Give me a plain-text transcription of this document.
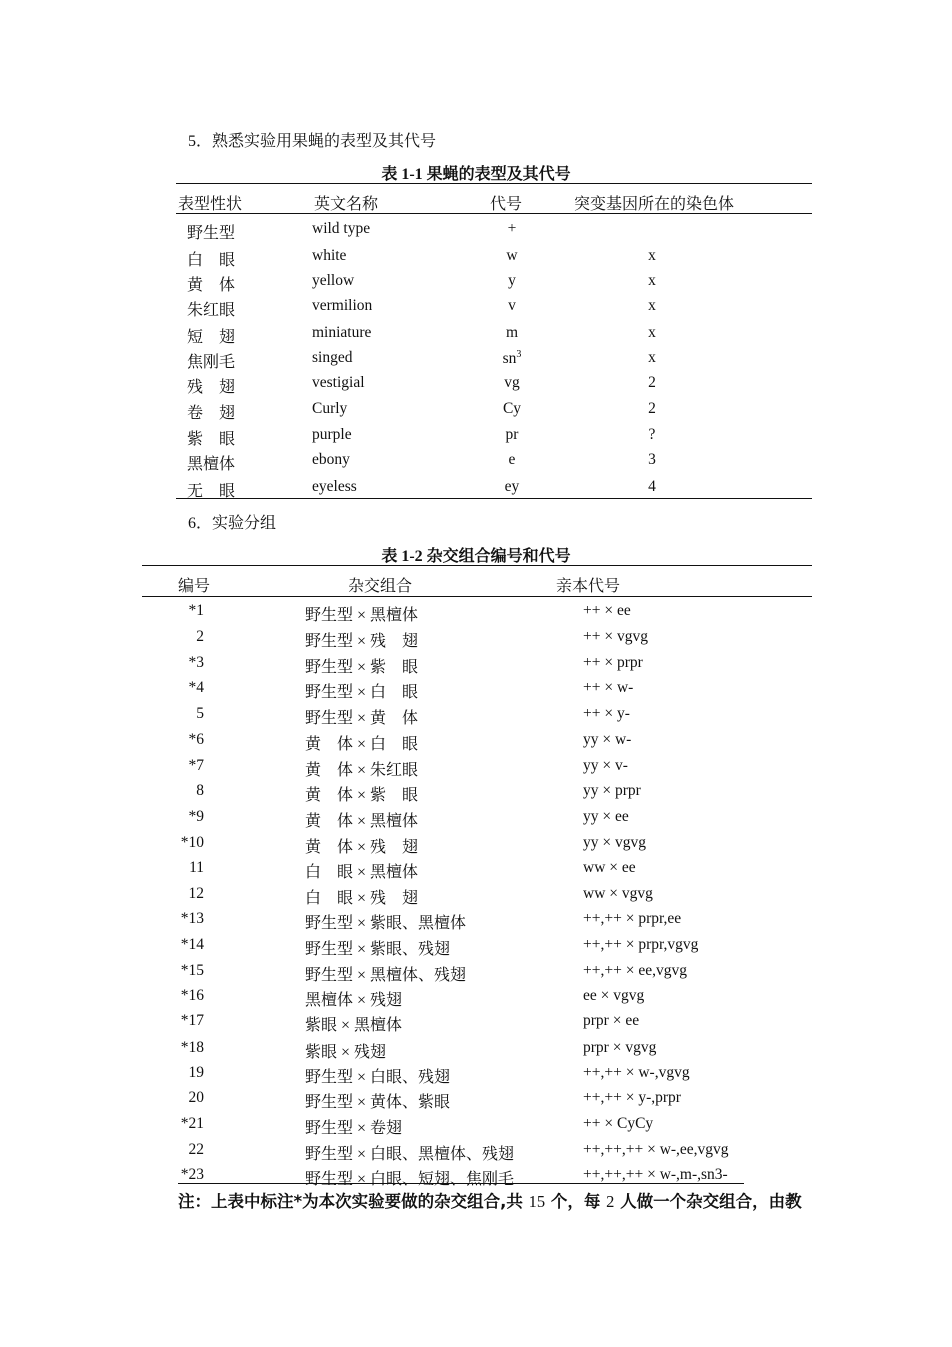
5．熟悉实验用果蝇的表型及其代号
表 1-1 果蝇的表型及其代号
表型性状	英文名称	代号	突变基因所在的染色体
野生型	wild type	+
白　眼	white	w	x
黄　体	yellow	y	x
朱红眼	vermilion	v	x
短　翅	miniature	m	x
焦刚毛	singed	$sn^3$	x
残　翅	vestigial	vg	2
卷　翅	Curly	Cy	2
紫　眼	purple	pr	?
黑檀体	ebony	e	3
无　眼	eyeless	ey	4
6．实验分组
表 1-2 杂交组合编号和代号
编号	杂交组合	亲本代号
*1	野生型 × 黑檀体	++ × ee
2	野生型 × 残　翅	++ × vgvg
*3	野生型 × 紫　眼	++ × prpr
*4	野生型 × 白　眼	++ × w-
5	野生型 × 黄　体	++ × y-
*6	黄　体 × 白　眼	yy × w-
*7	黄　体 × 朱红眼	yy × v-
8	黄　体 × 紫　眼	yy × prpr
*9	黄　体 × 黑檀体	yy × ee
*10	黄　体 × 残　翅	yy × vgvg
11	白　眼 × 黑檀体	ww × ee
12	白　眼 × 残　翅	ww × vgvg
*13	野生型 × 紫眼、黑檀体	++,++ × prpr,ee
*14	野生型 × 紫眼、残翅	++,++ × prpr,vgvg
*15	野生型 × 黑檀体、残翅	++,++ × ee,vgvg
*16	黑檀体 × 残翅	ee × vgvg
*17	紫眼 × 黑檀体	prpr × ee
*18	紫眼 × 残翅	prpr × vgvg
19	野生型 × 白眼、残翅	++,++ × w-,vgvg
20	野生型 × 黄体、紫眼	++,++ × y-,prpr
*21	野生型 × 卷翅	++ × CyCy
22	野生型 × 白眼、黑檀体、残翅	++,++,++ × w-,ee,vgvg
*23	野生型 × 白眼、短翅、焦刚毛	++,++,++ × w-,m-,sn3-
注：上表中标注*为本次实验要做的杂交组合,共 15 个，每 2 人做一个杂交组合，由教
